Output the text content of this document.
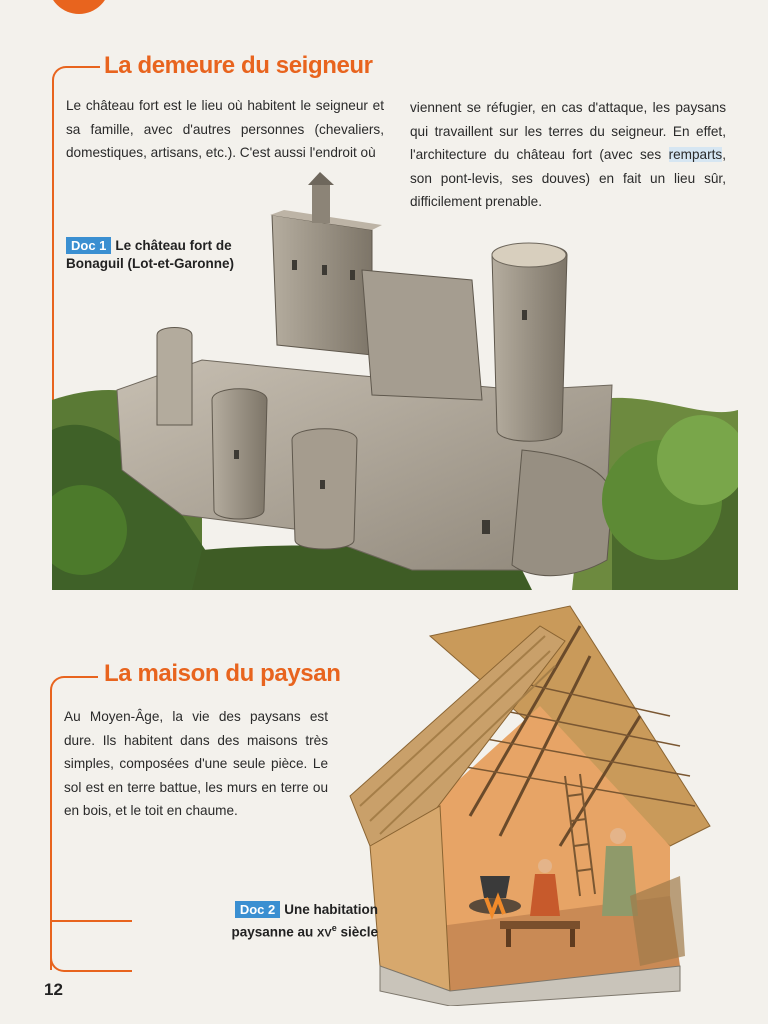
La demeure du seigneur
Le château fort est le lieu où habitent le seigneur et sa famille, avec d'autres personnes (chevaliers, domestiques, artisans, etc.). C'est aussi l'endroit où
viennent se réfugier, en cas d'attaque, les paysans qui travaillent sur les terres du seigneur. En effet, l'architecture du château fort (avec ses remparts, son pont-levis, ses douves) en fait un lieu sûr, difficilement prenable.
Doc 1 Le château fort de Bonaguil (Lot-et-Garonne)
La maison du paysan
Au Moyen-Âge, la vie des paysans est dure. Ils habitent dans des maisons très simples, composées d'une seule pièce. Le sol est en terre battue, les murs en terre ou en bois, et le toit en chaume.
Doc 2 Une habitation paysanne au XVe siècle
12
